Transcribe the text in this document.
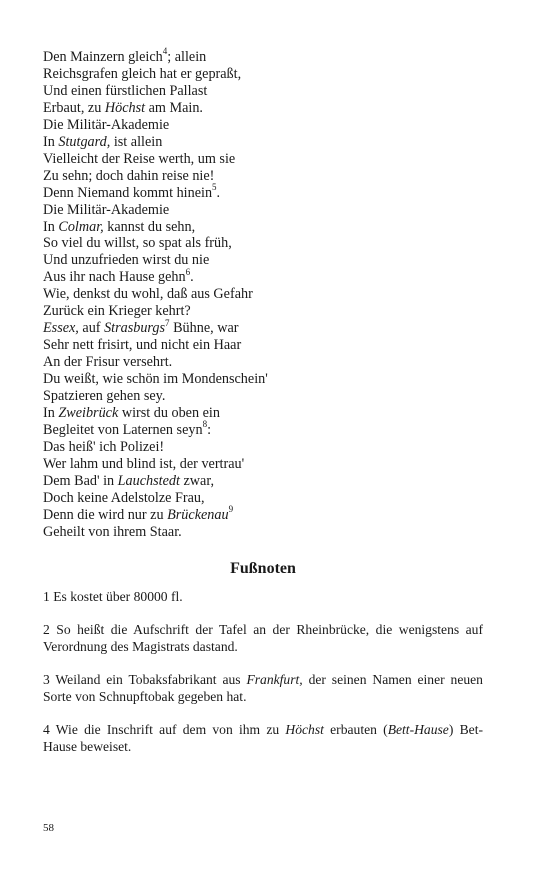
Den Mainzern gleich$^4$; allein
Reichsgrafen gleich hat er gepraßt,
Und einen fürstlichen Pallast
Erbaut, zu Höchst am Main.
Die Militär-Akademie
In Stutgard, ist allein
Vielleicht der Reise werth, um sie
Zu sehn; doch dahin reise nie!
Denn Niemand kommt hinein$^5$.
Die Militär-Akademie
In Colmar, kannst du sehn,
So viel du willst, so spat als früh,
Und unzufrieden wirst du nie
Aus ihr nach Hause gehn$^6$.
Wie, denkst du wohl, daß aus Gefahr
Zurück ein Krieger kehrt?
Essex, auf Strasburgs$^7$ Bühne, war
Sehr nett frisirt, und nicht ein Haar
An der Frisur versehrt.
Du weißt, wie schön im Mondenschein'
Spatzieren gehen sey.
In Zweibrück wirst du oben ein
Begleitet von Laternen seyn$^8$:
Das heiß' ich Polizei!
Wer lahm und blind ist, der vertrau'
Dem Bad' in Lauchstedt zwar,
Doch keine Adelstolze Frau,
Denn die wird nur zu Brückenau$^9$
Geheilt von ihrem Staar.
Fußnoten
1 Es kostet über 80000 fl.
2 So heißt die Aufschrift der Tafel an der Rheinbrücke, die wenigstens auf Verordnung des Magistrats dastand.
3 Weiland ein Tobaksfabrikant aus Frankfurt, der seinen Namen einer neuen Sorte von Schnupftobak gegeben hat.
4 Wie die Inschrift auf dem von ihm zu Höchst erbauten (Bett-Hause) Bet-Hause beweiset.
58
